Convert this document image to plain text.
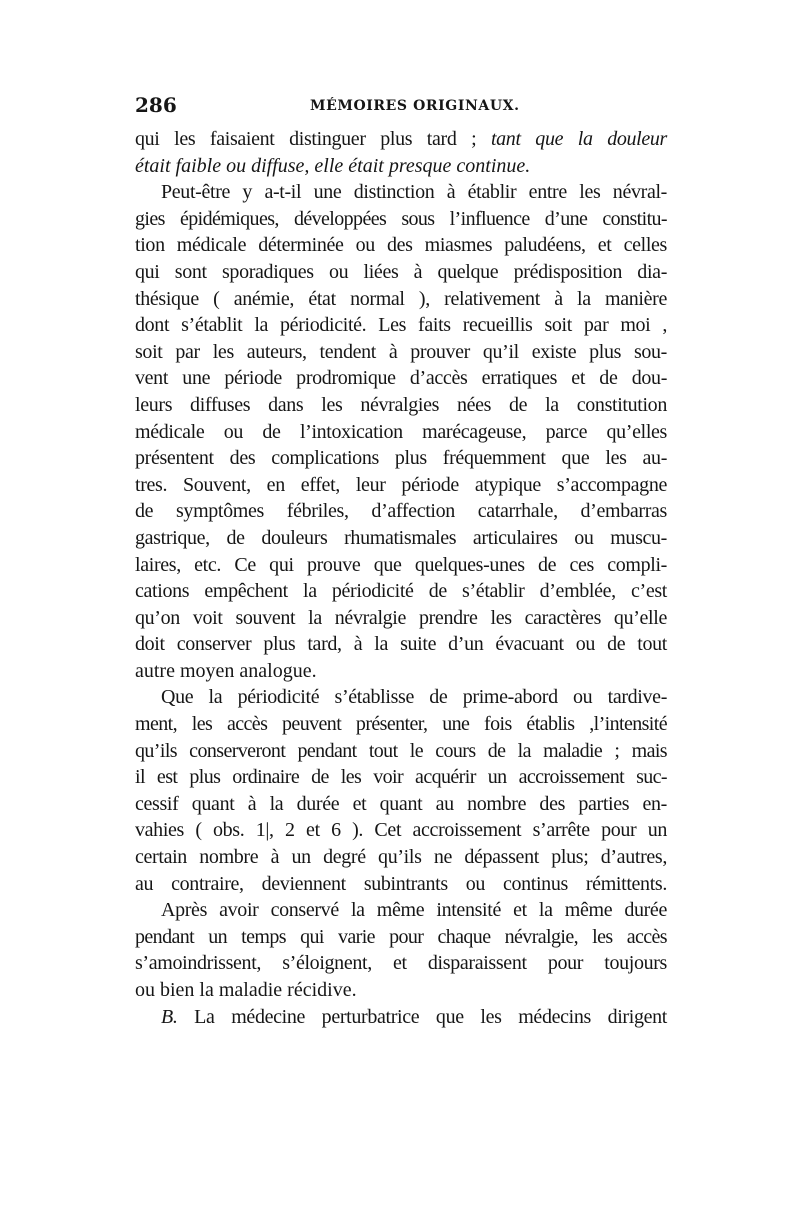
286	MÉMOIRES ORIGINAUX.
qui les faisaient distinguer plus tard ; tant que la douleur
était faible ou diffuse, elle était presque continue.
Peut-être y a-t-il une distinction à établir entre les névral-
gies épidémiques, développées sous l’influence d’une constitu-
tion médicale déterminée ou des miasmes paludéens, et celles
qui sont sporadiques ou liées à quelque prédisposition dia-
thésique ( anémie, état normal ), relativement à la manière
dont s’établit la périodicité. Les faits recueillis soit par moi ,
soit par les auteurs, tendent à prouver qu’il existe plus sou-
vent une période prodromique d’accès erratiques et de dou-
leurs diffuses dans les névralgies nées de la constitution
médicale ou de l’intoxication marécageuse, parce qu’elles
présentent des complications plus fréquemment que les au-
tres. Souvent, en effet, leur période atypique s’accompagne
de symptômes fébriles, d’affection catarrhale, d’embarras
gastrique, de douleurs rhumatismales articulaires ou muscu-
laires, etc. Ce qui prouve que quelques-unes de ces compli-
cations empêchent la périodicité de s’établir d’emblée, c’est
qu’on voit souvent la névralgie prendre les caractères qu’elle
doit conserver plus tard, à la suite d’un évacuant ou de tout
autre moyen analogue.
Que la périodicité s’établisse de prime-abord ou tardive-
ment, les accès peuvent présenter, une fois établis ,l’intensité
qu’ils conserveront pendant tout le cours de la maladie ; mais
il est plus ordinaire de les voir acquérir un accroissement suc-
cessif quant à la durée et quant au nombre des parties en-
vahies ( obs. 1|, 2 et 6 ). Cet accroissement s’arrête pour un
certain nombre à un degré qu’ils ne dépassent plus; d’autres,
au contraire, deviennent subintrants ou continus rémittents.
Après avoir conservé la même intensité et la même durée
pendant un temps qui varie pour chaque névralgie, les accès
s’amoindrissent, s’éloignent, et disparaissent pour toujours
ou bien la maladie récidive.
B. La médecine perturbatrice que les médecins dirigent
